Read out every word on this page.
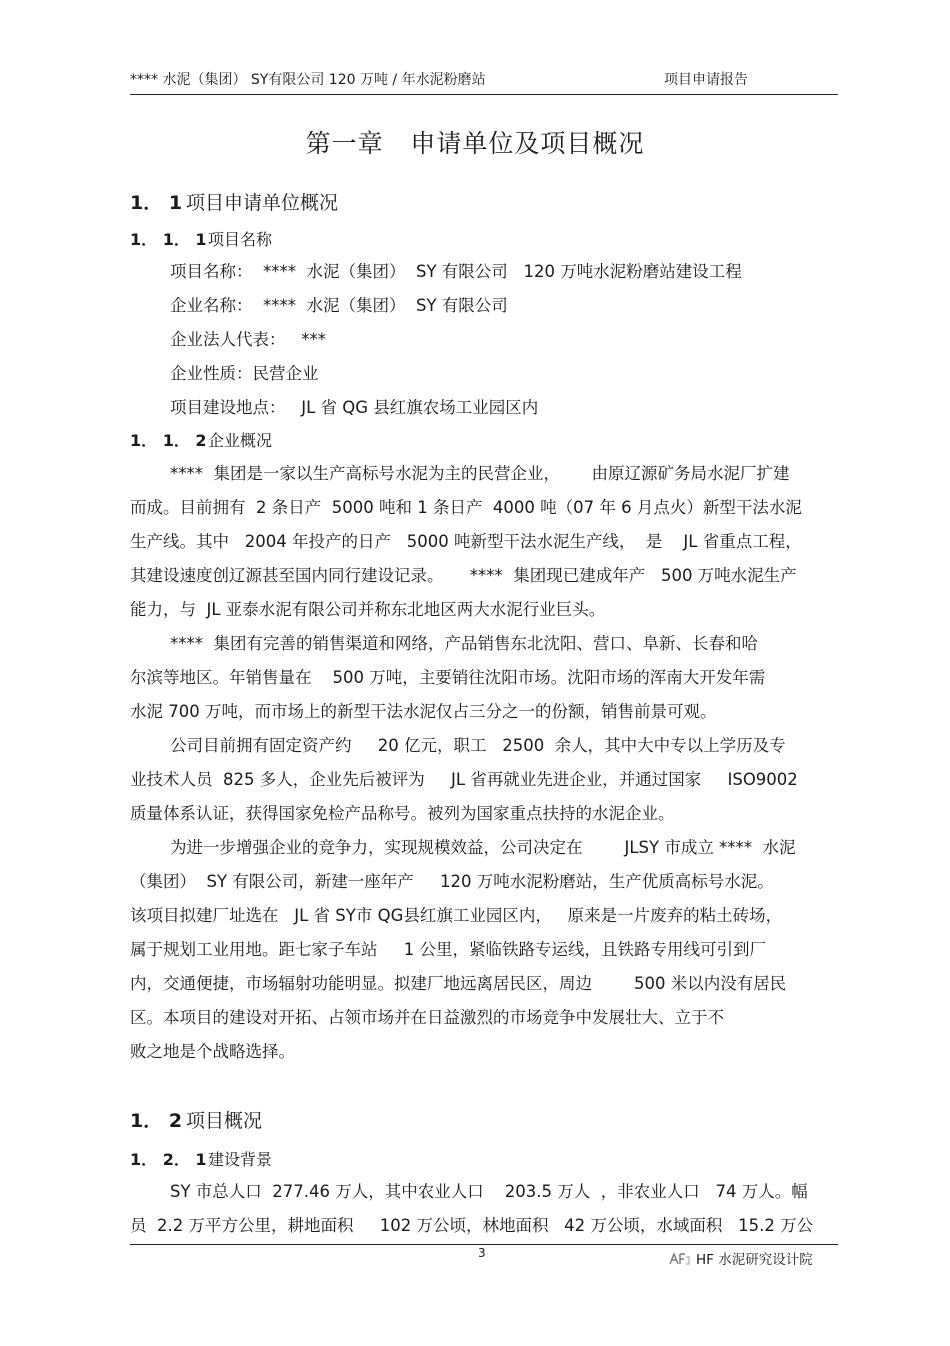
**** 水泥（集团） SY有限公司 120 万吨 / 年水泥粉磨站	项目申请报告
第一章   申请单位及项目概况
1． 1 项目申请单位概况
1． 1． 1项目名称
项目名称：  ****  水泥（集团）  SY 有限公司   120 万吨水泥粉磨站建设工程
企业名称：  ****  水泥（集团）  SY 有限公司
企业法人代表：   ***
企业性质：民营企业
项目建设地点：   JL 省 QG 县红旗农场工业园区内
1． 1． 2企业概况
****  集团是一家以生产高标号水泥为主的民营企业，      由原辽源矿务局水泥厂扩建
而成。目前拥有  2 条日产  5000 吨和 1 条日产  4000 吨（07 年 6 月点火）新型干法水泥
生产线。其中   2004 年投产的日产   5000 吨新型干法水泥生产线，  是    JL 省重点工程，
其建设速度创辽源甚至国内同行建设记录。     ****  集团现已建成年产   500 万吨水泥生产
能力，与  JL 亚泰水泥有限公司并称东北地区两大水泥行业巨头。
****  集团有完善的销售渠道和网络，产品销售东北沈阳、营口、阜新、长春和哈
尔滨等地区。年销售量在    500 万吨，主要销往沈阳市场。沈阳市场的浑南大开发年需
水泥 700 万吨，而市场上的新型干法水泥仅占三分之一的份额，销售前景可观。
公司目前拥有固定资产约     20 亿元，职工   2500  余人，其中大中专以上学历及专
业技术人员  825 多人，企业先后被评为     JL 省再就业先进企业，并通过国家     ISO9002
质量体系认证，获得国家免检产品称号。被列为国家重点扶持的水泥企业。
为进一步增强企业的竞争力，实现规模效益，公司决定在        JLSY 市成立 ****  水泥
（集团）  SY 有限公司，新建一座年产     120 万吨水泥粉磨站，生产优质高标号水泥。
该项目拟建厂址选在   JL 省 SY市 QG县红旗工业园区内，   原来是一片废弃的粘土砖场，
属于规划工业用地。距七家子车站     1 公里，紧临铁路专运线，且铁路专用线可引到厂
内，交通便捷，市场辐射功能明显。拟建厂地远离居民区，周边        500 米以内没有居民
区。本项目的建设对开拓、占领市场并在日益激烈的市场竞争中发展壮大、立于不
败之地是个战略选择。
1． 2 项目概况
1． 2． 1建设背景
SY 市总人口  277.46 万人，其中农业人口    203.5 万人  ，非农业人口   74 万人。幅
员  2.2 万平方公里，耕地面积     102 万公顷，林地面积   42 万公顷，水域面积   15.2 万公
3	HF 水泥研究设计院
